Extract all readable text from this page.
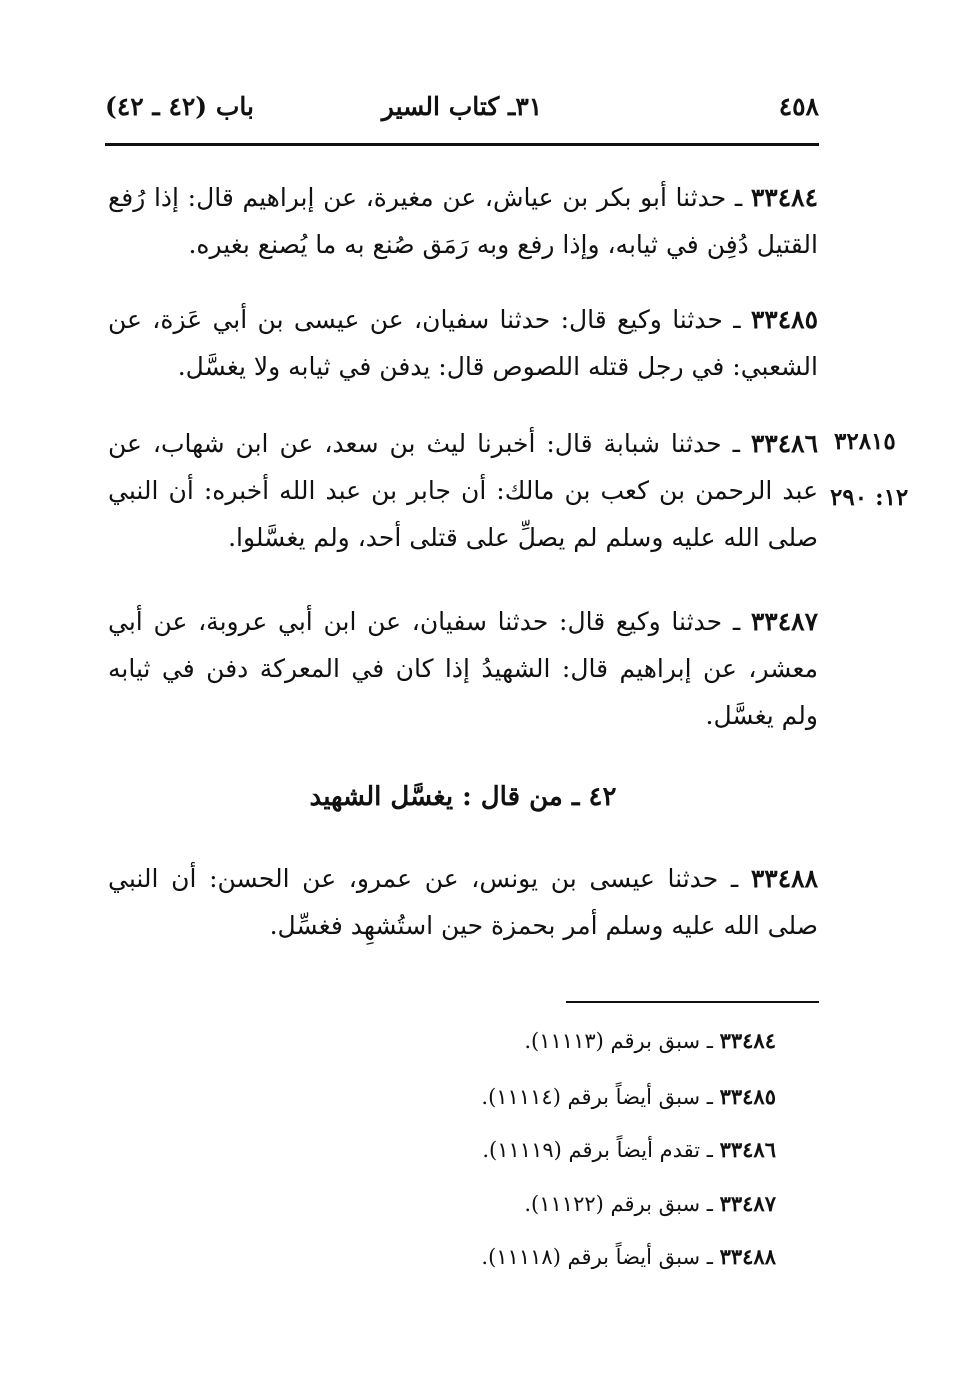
٤٥٨
٣١ـ كتاب السير
باب (٤٢ ـ ٤٢)
٣٣٤٨٤ ـ حدثنا أبو بكر بن عياش، عن مغيرة، عن إبراهيم قال: إذا رُفع القتيل دُفِن في ثيابه، وإذا رفع وبه رَمَق صُنع به ما يُصنع بغيره.
٣٣٤٨٥ ـ حدثنا وكيع قال: حدثنا سفيان، عن عيسى بن أبي عَزة، عن الشعبي: في رجل قتله اللصوص قال: يدفن في ثيابه ولا يغسَّل.
٣٢٨١٥
١٢: ٢٩٠
٣٣٤٨٦ ـ حدثنا شبابة قال: أخبرنا ليث بن سعد، عن ابن شهاب، عن عبد الرحمن بن كعب بن مالك: أن جابر بن عبد الله أخبره: أن النبي صلى الله عليه وسلم لم يصلِّ على قتلى أحد، ولم يغسَّلوا.
٣٣٤٨٧ ـ حدثنا وكيع قال: حدثنا سفيان، عن ابن أبي عروبة، عن أبي معشر، عن إبراهيم قال: الشهيدُ إذا كان في المعركة دفن في ثيابه ولم يغسَّل.
٤٢ ـ من قال : يغسَّل الشهيد
٣٣٤٨٨ ـ حدثنا عيسى بن يونس، عن عمرو، عن الحسن: أن النبي صلى الله عليه وسلم أمر بحمزة حين استُشهِد فغسِّل.
٣٣٤٨٤ ـ سبق برقم (١١١١٣).
٣٣٤٨٥ ـ سبق أيضاً برقم (١١١١٤).
٣٣٤٨٦ ـ تقدم أيضاً برقم (١١١١٩).
٣٣٤٨٧ ـ سبق برقم (١١١٢٢).
٣٣٤٨٨ ـ سبق أيضاً برقم (١١١١٨).
